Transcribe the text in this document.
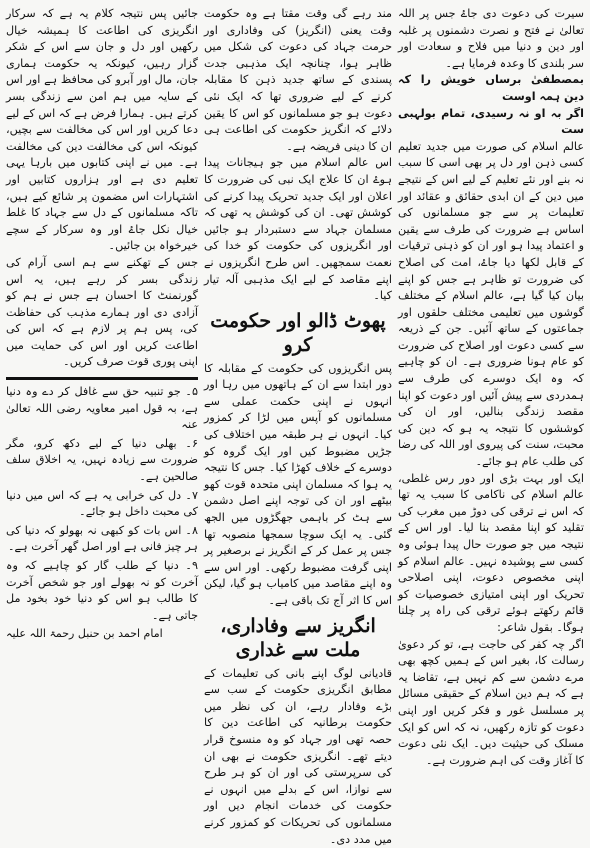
سیرت کی دعوت دی جاۓ جس پر اللہ تعالیٰ نے فتح و نصرت دشمنوں پر غلبہ اور دین و دنیا میں فلاح و سعادت اور سر بلندی کا وعدہ فرمایا ہے۔

بمصطفیٰ برساں خویش را کہ دین ہمہ اوست

اگر بہ او نہ رسیدی، تمام بولہبی ست

عالم اسلام کی صورت میں جدید تعلیم کسی ذہن اور دل پر بھی اسی کا سبب نہ بنے اور نئے تعلیم کے لیے اس کے نتیجے میں دین کے ان ابدی حقائق و عقائد اور تعلیمات پر سے جو مسلمانوں کی اساس ہے ضرورت کی طرف سے یقین و اعتماد پیدا ہو اور ان کو ذہنی ترقیات کے قابل لکھا دیا جاۓ، امت کی اصلاح کی ضرورت تو ظاہر ہے جس کو اپنے بیان کیا گیا ہے، عالم اسلام کے مختلف گوشوں میں تعلیمی مختلف حلقوں اور جماعتوں کے ساتھ آئیں۔ جن کے ذریعہ سے کسی دعوت اور اصلاح کی ضرورت کو عام ہونا ضروری ہے۔ ان کو چاہیے کہ وہ ایک دوسرے کی طرف سے ہمدردی سے پیش آئیں اور دعوت کو اپنا مقصد زندگی بنالیں، اور ان کی کوششوں کا نتیجہ یہ ہو کہ دین کی محبت، سنت کی پیروی اور اللہ کی رضا کی طلب عام ہو جائے۔

ایک اور بہت بڑی اور دور رس غلطی، عالم اسلام کی ناکامی کا سبب یہ تھا کہ اس نے ترقی کی دوڑ میں مغرب کی تقلید کو اپنا مقصد بنا لیا۔ اور اس کے نتیجہ میں جو صورت حال پیدا ہوئی وہ کسی سے پوشیدہ نہیں۔ عالم اسلام کو اپنی مخصوص دعوت، اپنی اصلاحی تحریک اور اپنی امتیازی خصوصیات کو قائم رکھتے ہوئے ترقی کی راہ پر چلنا ہوگا۔ بقول شاعر:

اگر چہ کفر کی حاجت ہے، تو کر دعویٰ رسالت کا، بغیر اس کے ہمیں کچھ بھی مرے دشمن سے کم نہیں ہے، تقاضا یہ ہے کہ ہم دین اسلام کے حقیقی مسائل پر مسلسل غور و فکر کریں اور اپنی دعوت کو تازہ رکھیں، نہ کہ اس کو ایک مسلک کی حیثیت دیں۔ ایک نئی دعوت کا آغاز وقت کی اہم ضرورت ہے۔

مند رہے گی وقت مقتا ہے وہ حکومت وقت یعنی (انگریز) کی وفاداری اور حرمت جہاد کی دعوت کی شکل میں ظاہر ہوا، چنانچہ ایک مذہبی جدت پسندی کے ساتھ جدید ذہن کا مقابلہ کرنے کے لیے ضروری تھا کہ ایک نئی دعوت ہو جو مسلمانوں کو اس کا یقین دلائے کہ انگریز حکومت کی اطاعت ہی ان کا دینی فریضہ ہے۔

اس عالم اسلام میں جو ہیجانات پیدا ہوۓ ان کا علاج ایک نبی کی ضرورت کا اعلان اور ایک جدید تحریک پیدا کرنے کی کوشش تھی۔ ان کی کوشش یہ تھی کہ مسلمان جہاد سے دستبردار ہو جائیں اور انگریزوں کی حکومت کو خدا کی نعمت سمجھیں۔ اس طرح انگریزوں نے اپنے مقاصد کے لیے ایک مذہبی آلہ تیار کیا۔

پھوٹ ڈالو اور حکومت کرو

پس انگریزوں کی حکومت کے مقابلہ کا دور ابتدا سے ان کے ہاتھوں میں رہا اور انہوں نے اپنی حکمت عملی سے مسلمانوں کو آپس میں لڑا کر کمزور کیا۔ انہوں نے ہر طبقہ میں اختلاف کی جڑیں مضبوط کیں اور ایک گروہ کو دوسرے کے خلاف کھڑا کیا۔ جس کا نتیجہ یہ ہوا کہ مسلمان اپنی متحدہ قوت کھو بیٹھے اور ان کی توجہ اپنے اصل دشمن سے ہٹ کر باہمی جھگڑوں میں الجھ گئی۔ یہ ایک سوچا سمجھا منصوبہ تھا جس پر عمل کر کے انگریز نے برصغیر پر اپنی گرفت مضبوط رکھی۔ اور اس سے وہ اپنے مقاصد میں کامیاب ہو گیا، لیکن اس کا اثر آج تک باقی ہے۔

انگریز سے وفاداری، ملت سے غداری

قادیانی لوگ اپنے بانی کی تعلیمات کے مطابق انگریزی حکومت کے سب سے بڑے وفادار رہے، ان کی نظر میں حکومت برطانیہ کی اطاعت دین کا حصہ تھی اور جہاد کو وہ منسوخ قرار دیتے تھے۔ انگریزی حکومت نے بھی ان کی سرپرستی کی اور ان کو ہر طرح سے نوازا، اس کے بدلے میں انہوں نے حکومت کی خدمات انجام دیں اور مسلمانوں کی تحریکات کو کمزور کرنے میں مدد دی۔

جائیں پس نتیجہ کلام یہ ہے کہ سرکار انگریزی کی اطاعت کا ہمیشہ خیال رکھیں اور دل و جان سے اس کے شکر گزار رہیں، کیونکہ یہ حکومت ہماری جان، مال اور آبرو کی محافظ ہے اور اس کے سایہ میں ہم امن سے زندگی بسر کرتے ہیں۔ ہمارا فرض ہے کہ اس کے لیے دعا کریں اور اس کی مخالفت سے بچیں، کیونکہ اس کی مخالفت دین کی مخالفت ہے۔ میں نے اپنی کتابوں میں بارہا یہی تعلیم دی ہے اور ہزاروں کتابیں اور اشتہارات اس مضمون پر شائع کیے ہیں، تاکہ مسلمانوں کے دل سے جہاد کا غلط خیال نکل جاۓ اور وہ سرکار کے سچے خیرخواہ بن جائیں۔

جس کے تھکنے سے ہم اسی آرام کی زندگی بسر کر رہے ہیں، یہ اس گورنمنٹ کا احسان ہے جس نے ہم کو آزادی دی اور ہمارے مذہب کی حفاظت کی، پس ہم پر لازم ہے کہ اس کی اطاعت کریں اور اس کی حمایت میں اپنی پوری قوت صرف کریں۔

۵۔ جو تنبیہ حق سے غافل کر دے وہ دنیا ہے، بہ قول امیر معاویہ رضی اللہ تعالیٰ عنہ
۶۔ بھلی دنیا کے لیے دکھ کرو، مگر ضرورت سے زیادہ نہیں، یہ اخلاق سلف صالحین ہے۔
۷۔ دل کی خرابی یہ ہے کہ اس میں دنیا کی محبت داخل ہو جائے۔
۸۔ اس بات کو کبھی نہ بھولو کہ دنیا کی ہر چیز فانی ہے اور اصل گھر آخرت ہے۔
۹۔ دنیا کے طلب گار کو چاہیے کہ وہ آخرت کو نہ بھولے اور جو شخص آخرت کا طالب ہو اس کو دنیا خود بخود مل جاتی ہے۔
امام احمد بن حنبل رحمۃ اللہ علیہ
